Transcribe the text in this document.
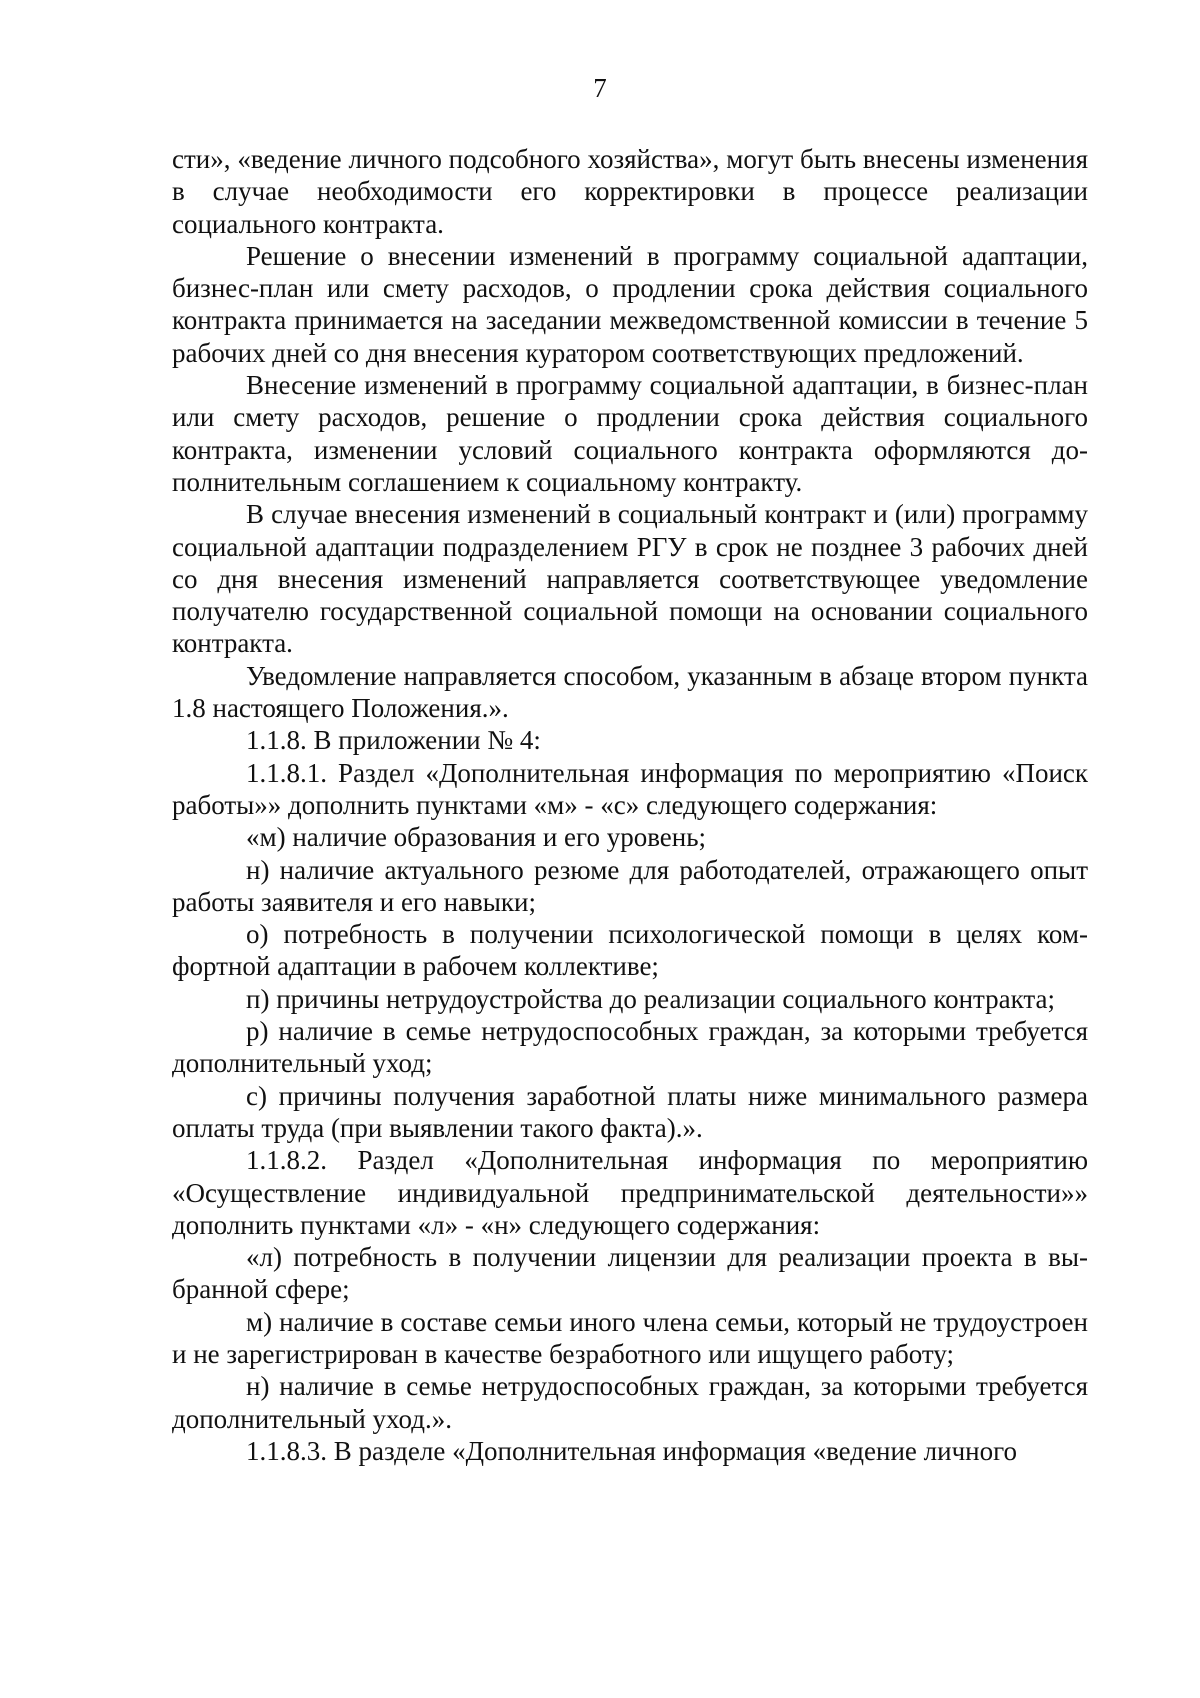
7

сти», «ведение личного подсобного хозяйства», могут быть внесены изменения в случае необходимости его корректировки в процессе реализации социального контракта.

Решение о внесении изменений в программу социальной адаптации, бизнес-план или смету расходов, о продлении срока действия социального контракта принимается на заседании межведомственной комиссии в течение 5 рабочих дней со дня внесения куратором соответствующих предложений.

Внесение изменений в программу социальной адаптации, в бизнес-план или смету расходов, решение о продлении срока действия социального контракта, изменении условий социального контракта оформляются дополнительным соглашением к социальному контракту.

В случае внесения изменений в социальный контракт и (или) программу социальной адаптации подразделением РГУ в срок не позднее 3 рабочих дней со дня внесения изменений направляется соответствующее уведомление получателю государственной социальной помощи на основании социального контракта.

Уведомление направляется способом, указанным в абзаце втором пункта 1.8 настоящего Положения.».

1.1.8. В приложении № 4:

1.1.8.1. Раздел «Дополнительная информация по мероприятию «Поиск работы»» дополнить пунктами «м» - «с» следующего содержания:

«м) наличие образования и его уровень;

н) наличие актуального резюме для работодателей, отражающего опыт работы заявителя и его навыки;

о) потребность в получении психологической помощи в целях комфортной адаптации в рабочем коллективе;

п) причины нетрудоустройства до реализации социального контракта;

р) наличие в семье нетрудоспособных граждан, за которыми требуется дополнительный уход;

с) причины получения заработной платы ниже минимального размера оплаты труда (при выявлении такого факта).».

1.1.8.2. Раздел «Дополнительная информация по мероприятию «Осуществление индивидуальной предпринимательской деятельности»» дополнить пунктами «л» - «н» следующего содержания:

«л) потребность в получении лицензии для реализации проекта в выбранной сфере;

м) наличие в составе семьи иного члена семьи, который не трудоустроен и не зарегистрирован в качестве безработного или ищущего работу;

н) наличие в семье нетрудоспособных граждан, за которыми требуется дополнительный уход.».

1.1.8.3. В разделе «Дополнительная информация «ведение личного
